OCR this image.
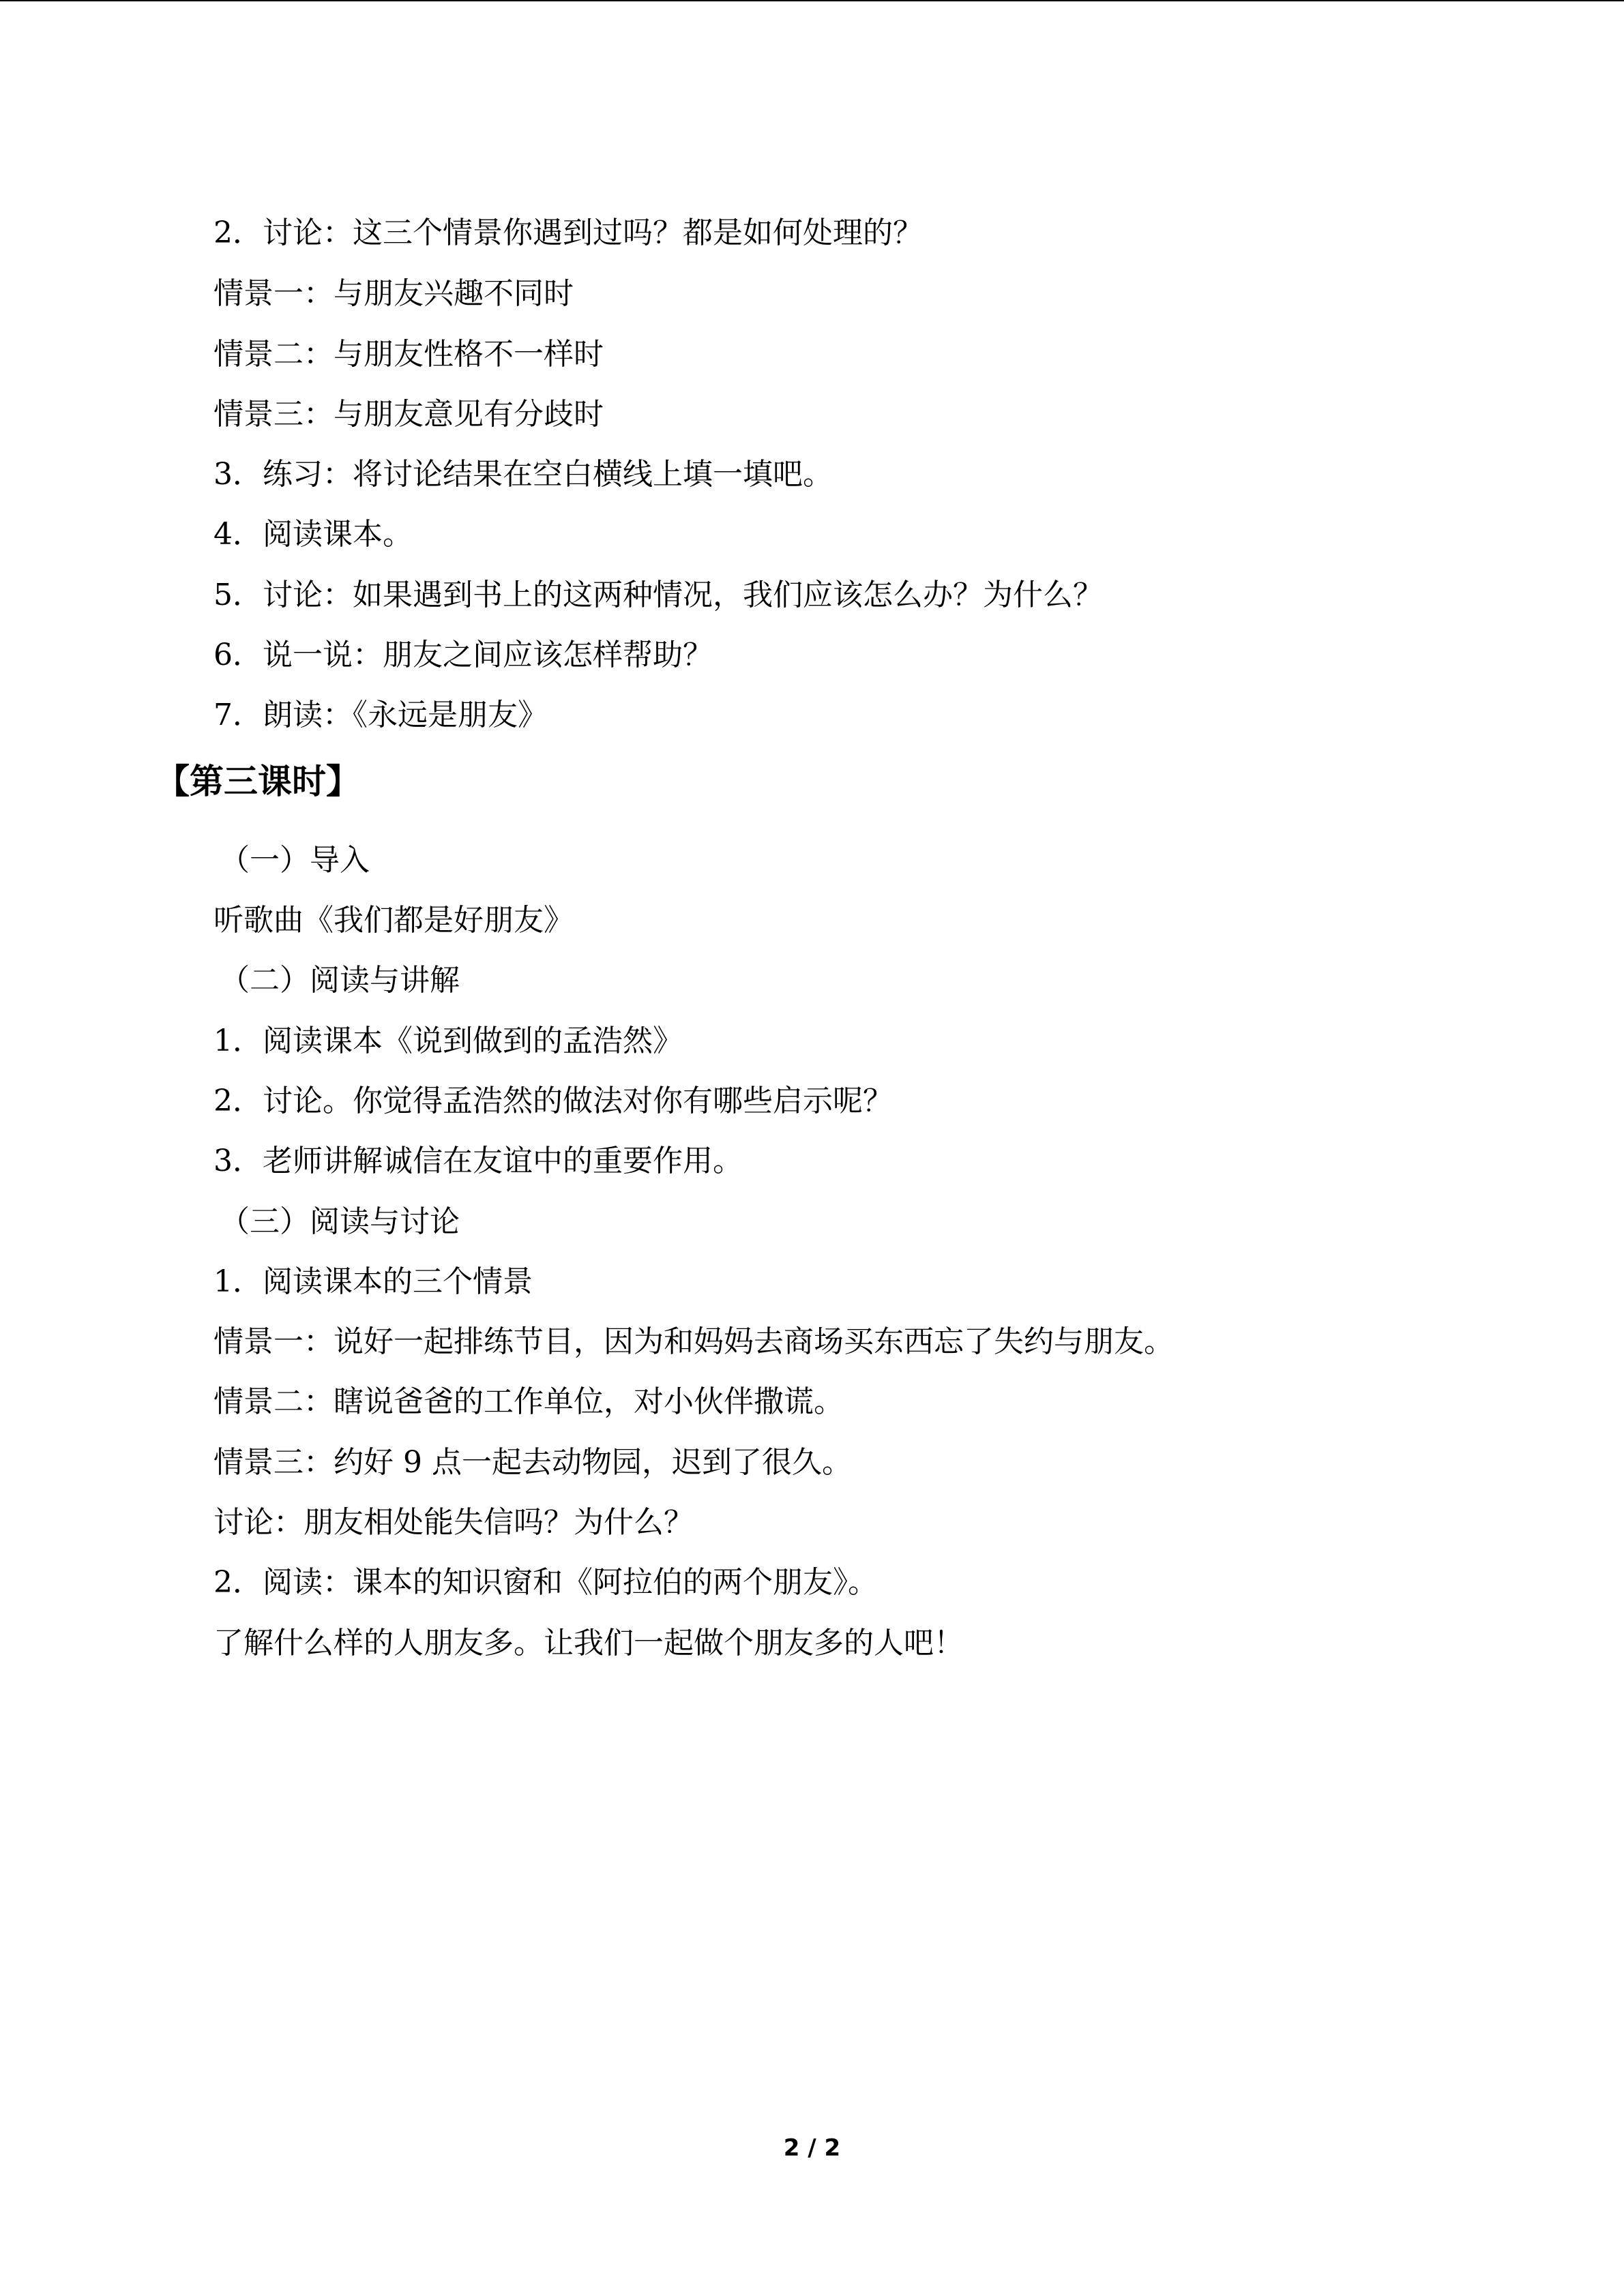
2．讨论：这三个情景你遇到过吗？都是如何处理的？
情景一：与朋友兴趣不同时
情景二：与朋友性格不一样时
情景三：与朋友意见有分歧时
3．练习：将讨论结果在空白横线上填一填吧。
4．阅读课本。
5．讨论：如果遇到书上的这两种情况，我们应该怎么办？为什么？
6．说一说：朋友之间应该怎样帮助？
7．朗读：《永远是朋友》
【第三课时】
（一）导入
听歌曲《我们都是好朋友》
（二）阅读与讲解
1．阅读课本《说到做到的孟浩然》
2．讨论。你觉得孟浩然的做法对你有哪些启示呢？
3．老师讲解诚信在友谊中的重要作用。
（三）阅读与讨论
1．阅读课本的三个情景
情景一：说好一起排练节目，因为和妈妈去商场买东西忘了失约与朋友。
情景二：瞎说爸爸的工作单位，对小伙伴撒谎。
情景三：约好 9 点一起去动物园，迟到了很久。
讨论：朋友相处能失信吗？为什么？
2．阅读：课本的知识窗和《阿拉伯的两个朋友》。
了解什么样的人朋友多。让我们一起做个朋友多的人吧！
2 / 2
